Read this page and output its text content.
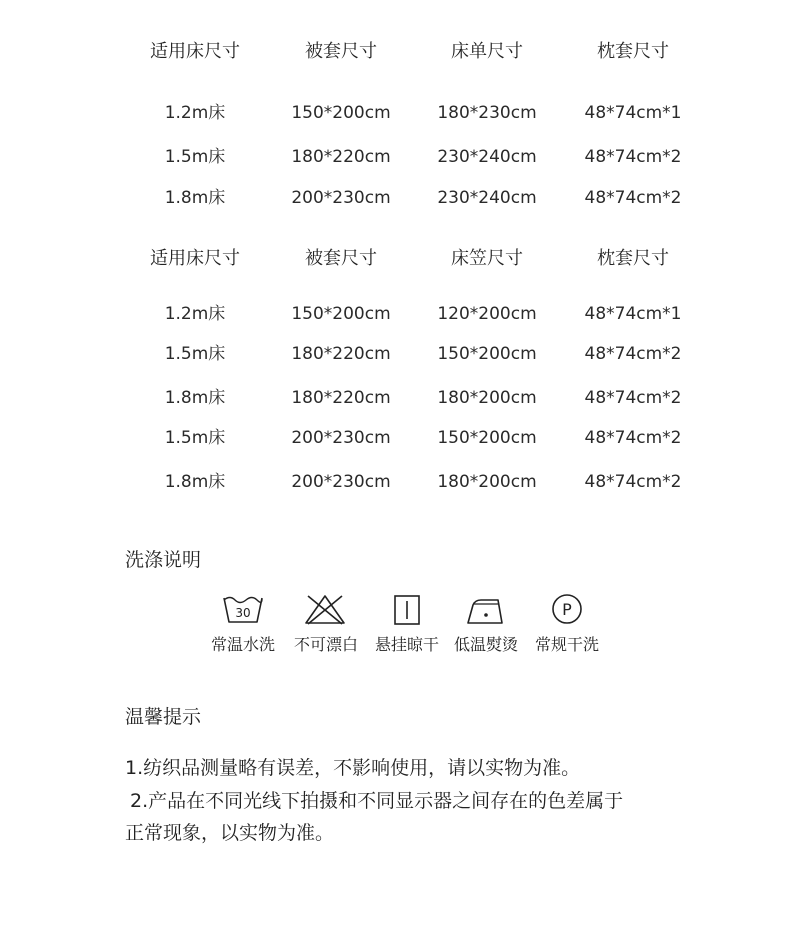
适用床尺寸	被套尺寸	床单尺寸	枕套尺寸
1.2m床	150*200cm	180*230cm	48*74cm*1
1.5m床	180*220cm	230*240cm	48*74cm*2
1.8m床	200*230cm	230*240cm	48*74cm*2
适用床尺寸	被套尺寸	床笠尺寸	枕套尺寸
1.2m床	150*200cm	120*200cm	48*74cm*1
1.5m床	180*220cm	150*200cm	48*74cm*2
1.8m床	180*220cm	180*200cm	48*74cm*2
1.5m床	200*230cm	150*200cm	48*74cm*2
1.8m床	200*230cm	180*200cm	48*74cm*2
洗涤说明
30	P
常温水洗	不可漂白	悬挂晾干 低温熨烫	常规干洗
温馨提示
1.纺织品测量略有误差，不影响使用，请以实物为准。
2.产品在不同光线下拍摄和不同显示器之间存在的色差属于
正常现象，以实物为准。
